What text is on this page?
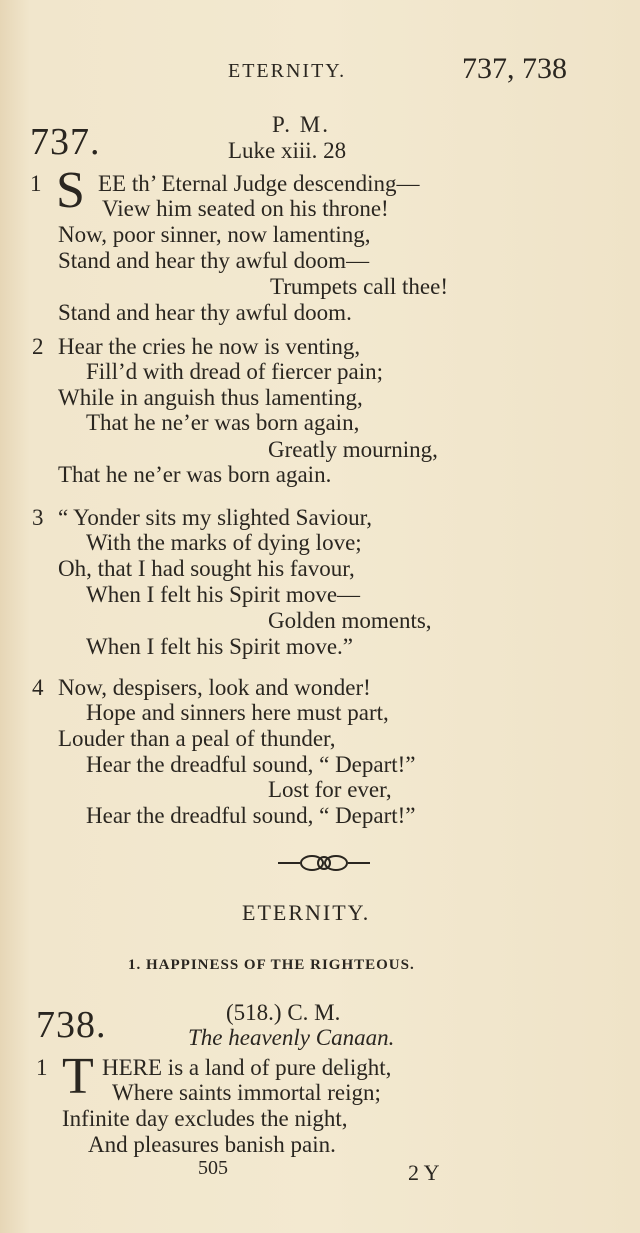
ETERNITY.	737, 738
737.	P. M.
Luke xiii. 28
1 S EE th’ Eternal Judge descending—
View him seated on his throne!
Now, poor sinner, now lamenting,
Stand and hear thy awful doom—
Trumpets call thee!
Stand and hear thy awful doom.
2 Hear the cries he now is venting,
Fill’d with dread of fiercer pain;
While in anguish thus lamenting,
That he ne’er was born again,
Greatly mourning,
That he ne’er was born again.
3 “ Yonder sits my slighted Saviour,
With the marks of dying love;
Oh, that I had sought his favour,
When I felt his Spirit move—
Golden moments,
When I felt his Spirit move.”
4 Now, despisers, look and wonder!
Hope and sinners here must part,
Louder than a peal of thunder,
Hear the dreadful sound, “ Depart!”
Lost for ever,
Hear the dreadful sound, “ Depart!”
ETERNITY.
1. HAPPINESS OF THE RIGHTEOUS.
738.	(518.) C. M.
The heavenly Canaan.
1 T HERE is a land of pure delight,
Where saints immortal reign;
Infinite day excludes the night,
And pleasures banish pain.
505	2 Y
